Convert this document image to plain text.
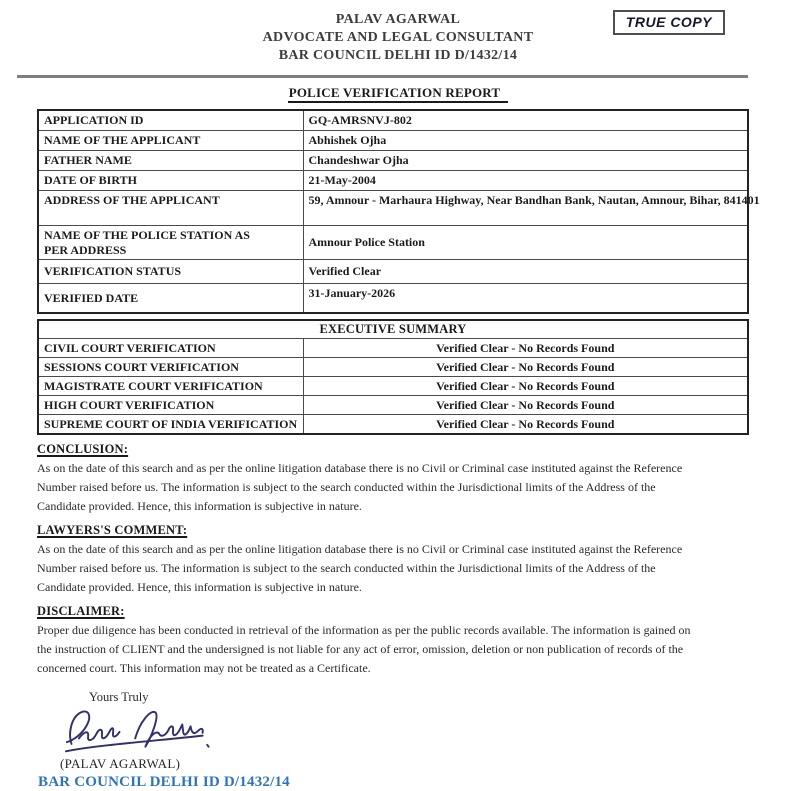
PALAV AGARWAL
ADVOCATE AND LEGAL CONSULTANT
BAR COUNCIL DELHI ID D/1432/14
TRUE COPY
POLICE VERIFICATION REPORT
APPLICATION ID	GQ-AMRSNVJ-802
NAME OF THE APPLICANT	Abhishek Ojha
FATHER NAME	Chandeshwar Ojha
DATE OF BIRTH	21-May-2004
ADDRESS OF THE APPLICANT	59, Amnour - Marhaura Highway, Near Bandhan Bank, Nautan, Amnour, Bihar, 841401
NAME OF THE POLICE STATION AS PER ADDRESS	Amnour Police Station
VERIFICATION STATUS	Verified Clear
VERIFIED DATE	31-January-2026
EXECUTIVE SUMMARY	
CIVIL COURT VERIFICATION	Verified Clear - No Records Found
SESSIONS COURT VERIFICATION	Verified Clear - No Records Found
MAGISTRATE COURT VERIFICATION	Verified Clear - No Records Found
HIGH COURT VERIFICATION	Verified Clear - No Records Found
SUPREME COURT OF INDIA VERIFICATION	Verified Clear - No Records Found
CONCLUSION:
As on the date of this search and as per the online litigation database there is no Civil or Criminal case instituted against the Reference
Number raised before us. The information is subject to the search conducted within the Jurisdictional limits of the Address of the
Candidate provided. Hence, this information is subjective in nature.
LAWYERS'S COMMENT:
As on the date of this search and as per the online litigation database there is no Civil or Criminal case instituted against the Reference
Number raised before us. The information is subject to the search conducted within the Jurisdictional limits of the Address of the
Candidate provided. Hence, this information is subjective in nature.
DISCLAIMER:
Proper due diligence has been conducted in retrieval of the information as per the public records available. The information is gained on
the instruction of CLIENT and the undersigned is not liable for any act of error, omission, deletion or non publication of records of the
concerned court. This information may not be treated as a Certificate.
Yours Truly
(PALAV AGARWAL)
BAR COUNCIL DELHI ID D/1432/14
